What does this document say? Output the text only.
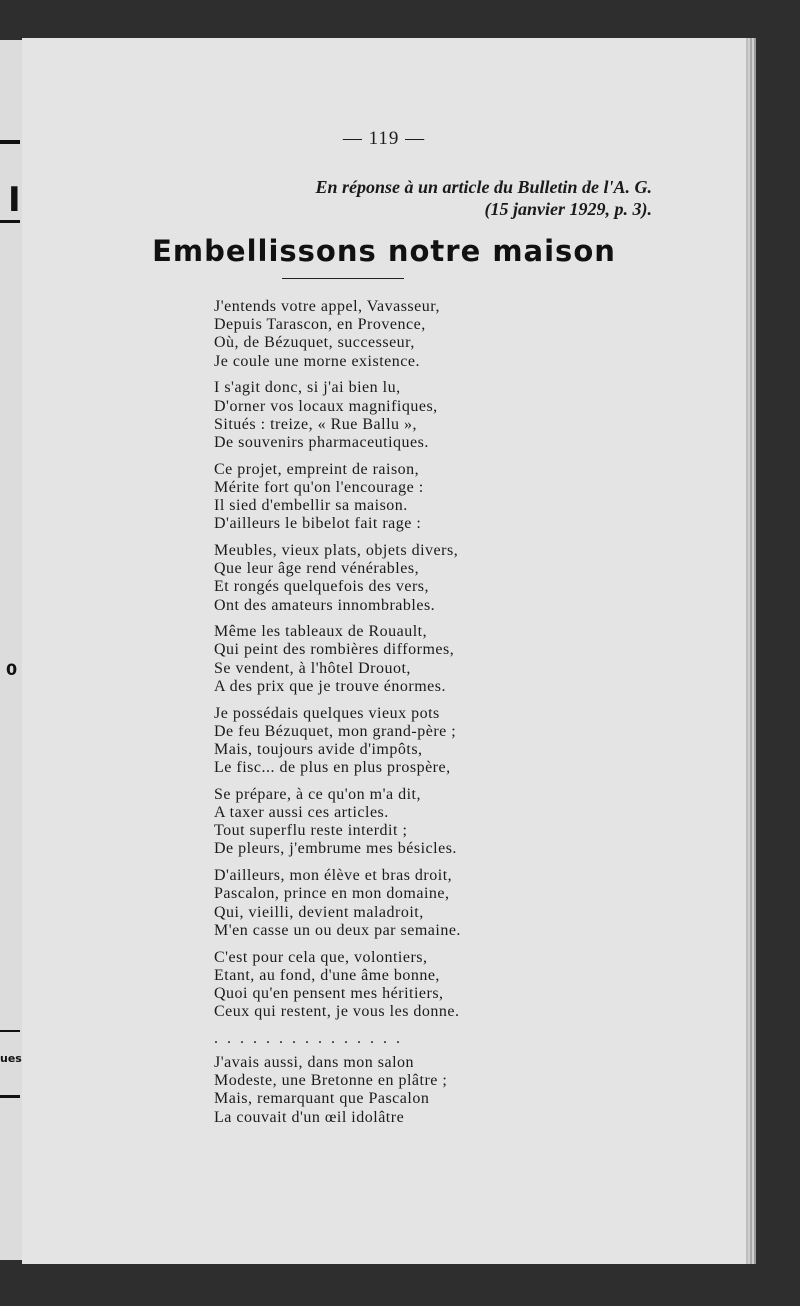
I
0
ues
— 119 —
En réponse à un article du Bulletin de l'A. G.
(15 janvier 1929, p. 3).
Embellissons notre maison
J'entends votre appel, Vavasseur,
Depuis Tarascon, en Provence,
Où, de Bézuquet, successeur,
Je coule une morne existence.
I s'agit donc, si j'ai bien lu,
D'orner vos locaux magnifiques,
Situés : treize, « Rue Ballu »,
De souvenirs pharmaceutiques.
Ce projet, empreint de raison,
Mérite fort qu'on l'encourage :
Il sied d'embellir sa maison.
D'ailleurs le bibelot fait rage :
Meubles, vieux plats, objets divers,
Que leur âge rend vénérables,
Et rongés quelquefois des vers,
Ont des amateurs innombrables.
Même les tableaux de Rouault,
Qui peint des rombières difformes,
Se vendent, à l'hôtel Drouot,
A des prix que je trouve énormes.
Je possédais quelques vieux pots
De feu Bézuquet, mon grand-père ;
Mais, toujours avide d'impôts,
Le fisc... de plus en plus prospère,
Se prépare, à ce qu'on m'a dit,
A taxer aussi ces articles.
Tout superflu reste interdit ;
De pleurs, j'embrume mes bésicles.
D'ailleurs, mon élève et bras droit,
Pascalon, prince en mon domaine,
Qui, vieilli, devient maladroit,
M'en casse un ou deux par semaine.
C'est pour cela que, volontiers,
Etant, au fond, d'une âme bonne,
Quoi qu'en pensent mes héritiers,
Ceux qui restent, je vous les donne.
...............
J'avais aussi, dans mon salon
Modeste, une Bretonne en plâtre ;
Mais, remarquant que Pascalon
La couvait d'un œil idolâtre
